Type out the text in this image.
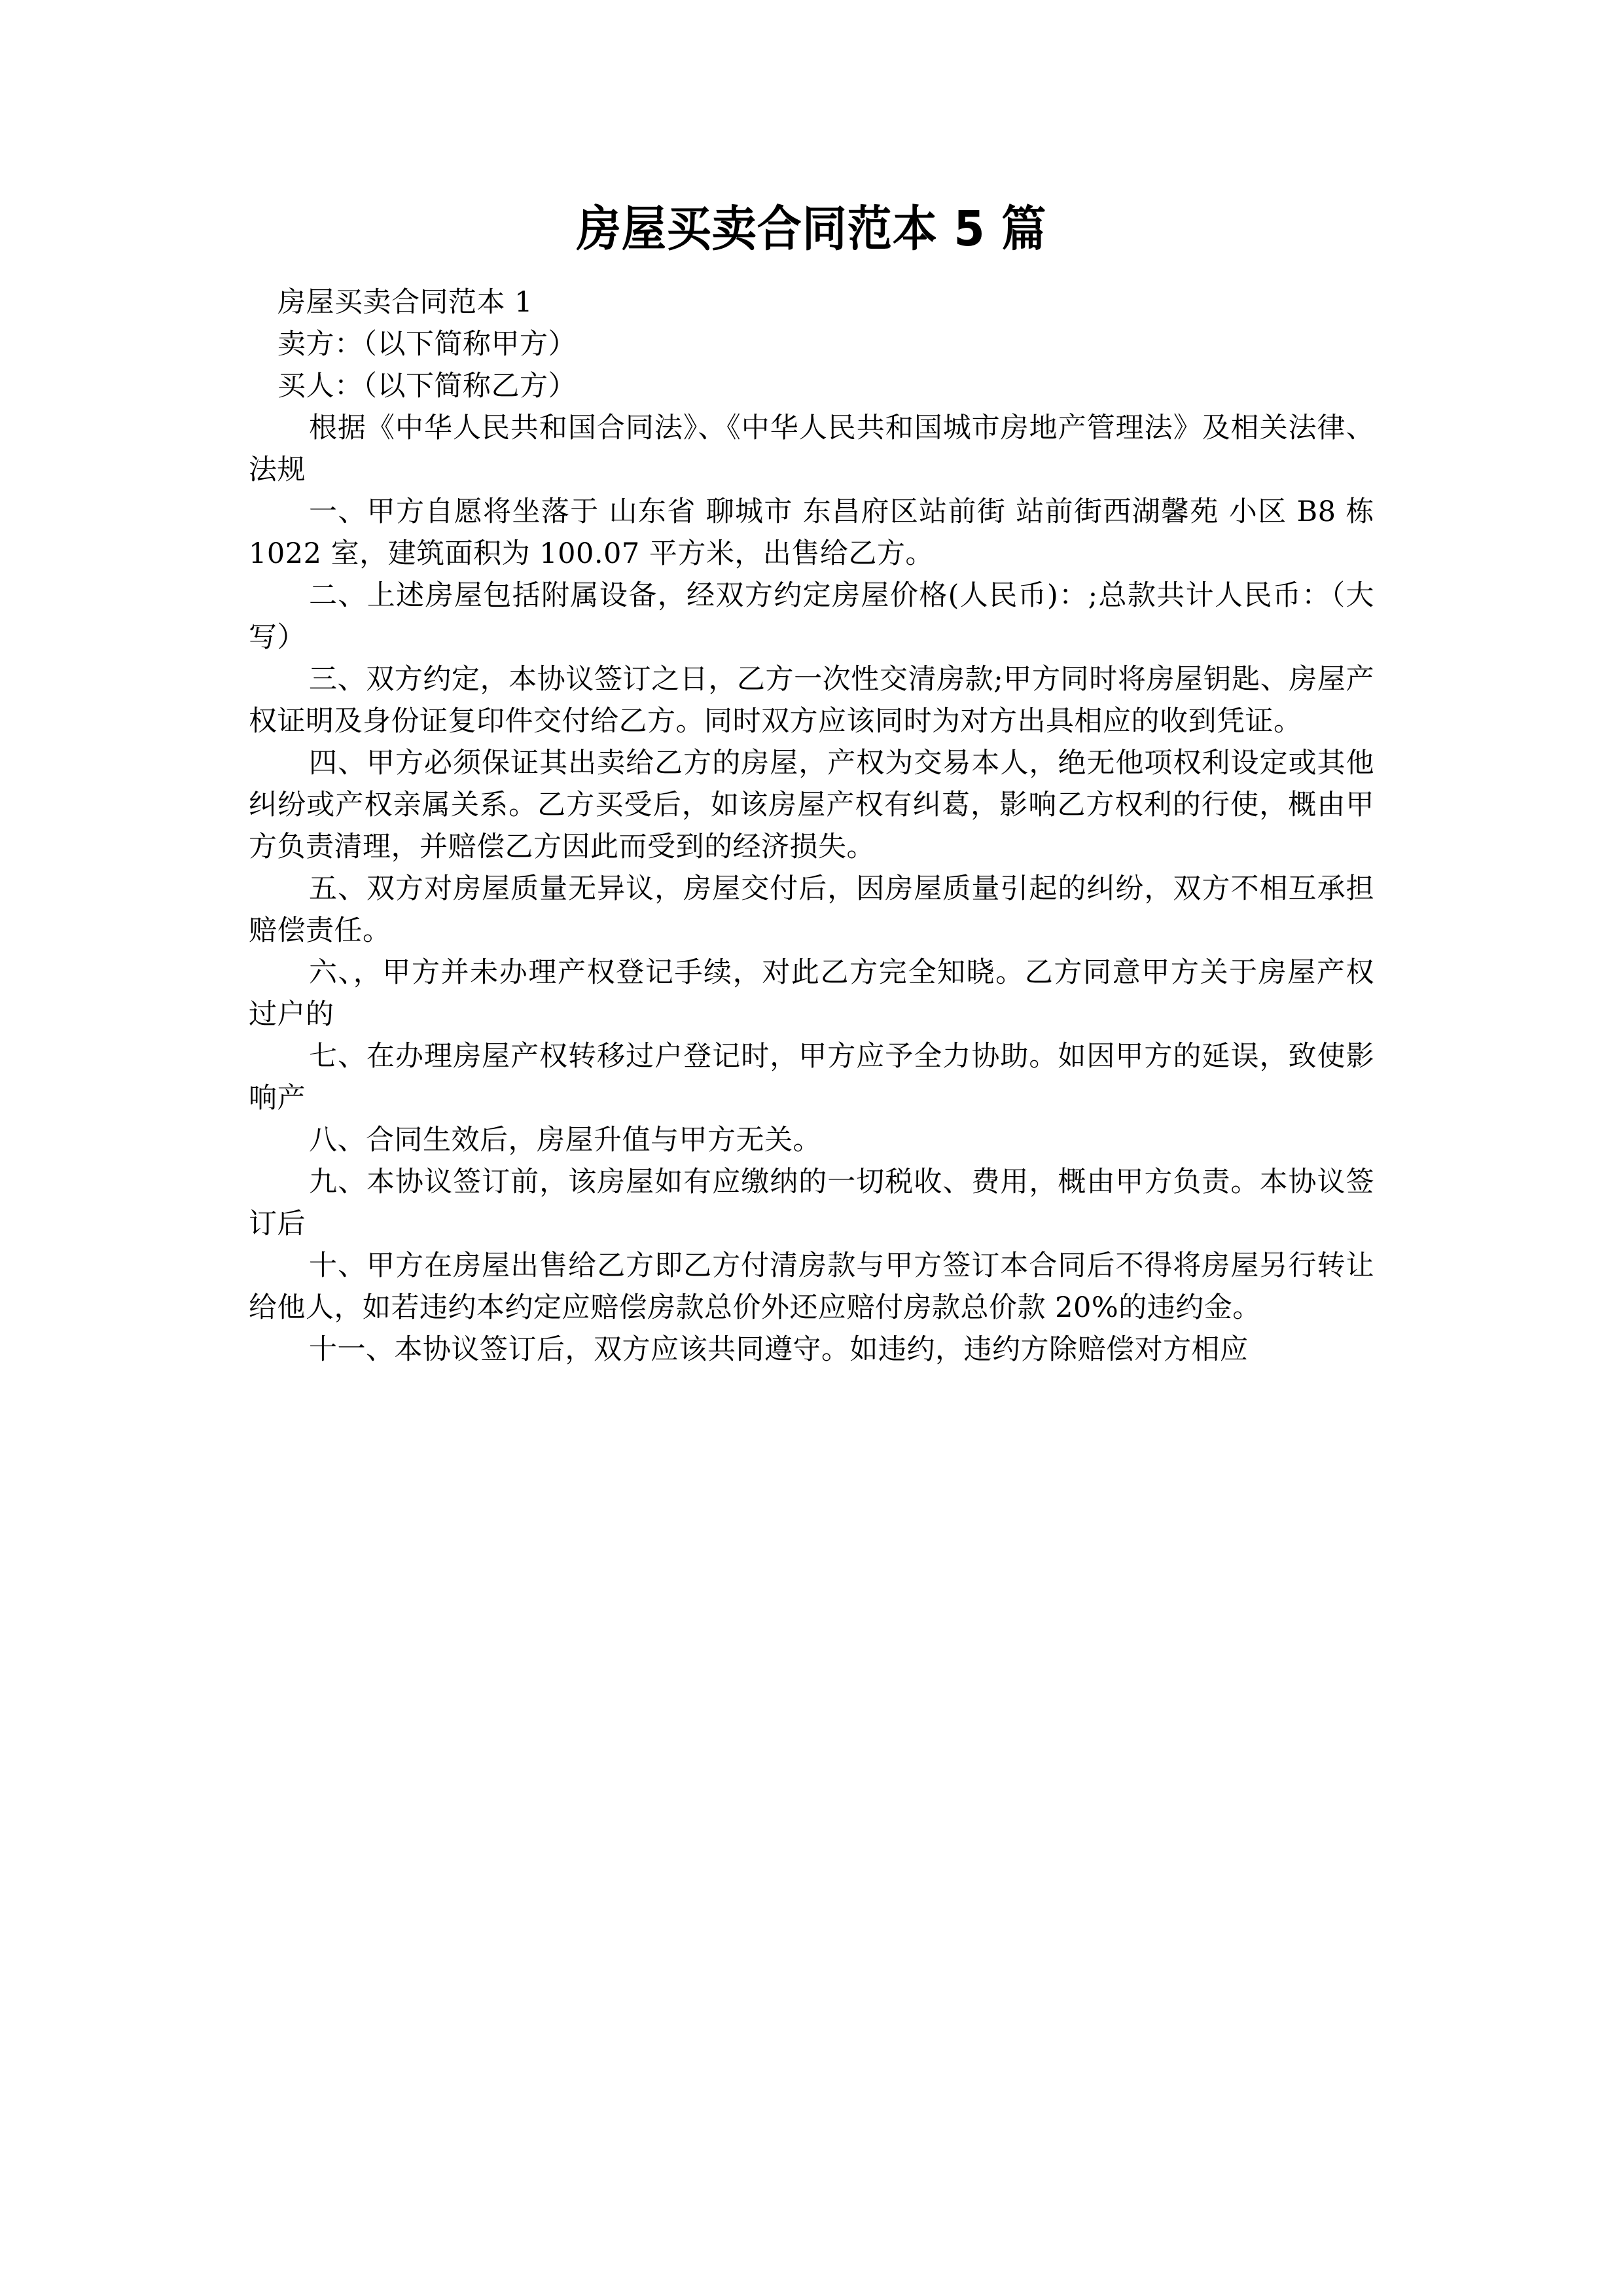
房屋买卖合同范本 5 篇

房屋买卖合同范本 1

卖方：（以下简称甲方）

买人：（以下简称乙方）

根据《中华人民共和国合同法》、《中华人民共和国城市房地产管理法》及相关法律、法规

一、甲方自愿将坐落于 山东省 聊城市 东昌府区站前街 站前街西湖馨苑 小区 B8 栋 1022 室，建筑面积为 100.07 平方米，出售给乙方。

二、上述房屋包括附属设备，经双方约定房屋价格(人民币)：;总款共计人民币：（大写）

三、双方约定，本协议签订之日，乙方一次性交清房款;甲方同时将房屋钥匙、房屋产权证明及身份证复印件交付给乙方。同时双方应该同时为对方出具相应的收到凭证。

四、甲方必须保证其出卖给乙方的房屋，产权为交易本人，绝无他项权利设定或其他纠纷或产权亲属关系。乙方买受后，如该房屋产权有纠葛，影响乙方权利的行使，概由甲方负责清理，并赔偿乙方因此而受到的经济损失。

五、双方对房屋质量无异议，房屋交付后，因房屋质量引起的纠纷，双方不相互承担赔偿责任。

六、，甲方并未办理产权登记手续，对此乙方完全知晓。乙方同意甲方关于房屋产权过户的

七、在办理房屋产权转移过户登记时，甲方应予全力协助。如因甲方的延误，致使影响产

八、合同生效后，房屋升值与甲方无关。

九、本协议签订前，该房屋如有应缴纳的一切税收、费用，概由甲方负责。本协议签订后

十、甲方在房屋出售给乙方即乙方付清房款与甲方签订本合同后不得将房屋另行转让给他人，如若违约本约定应赔偿房款总价外还应赔付房款总价款 20%的违约金。

十一、本协议签订后，双方应该共同遵守。如违约，违约方除赔偿对方相应
